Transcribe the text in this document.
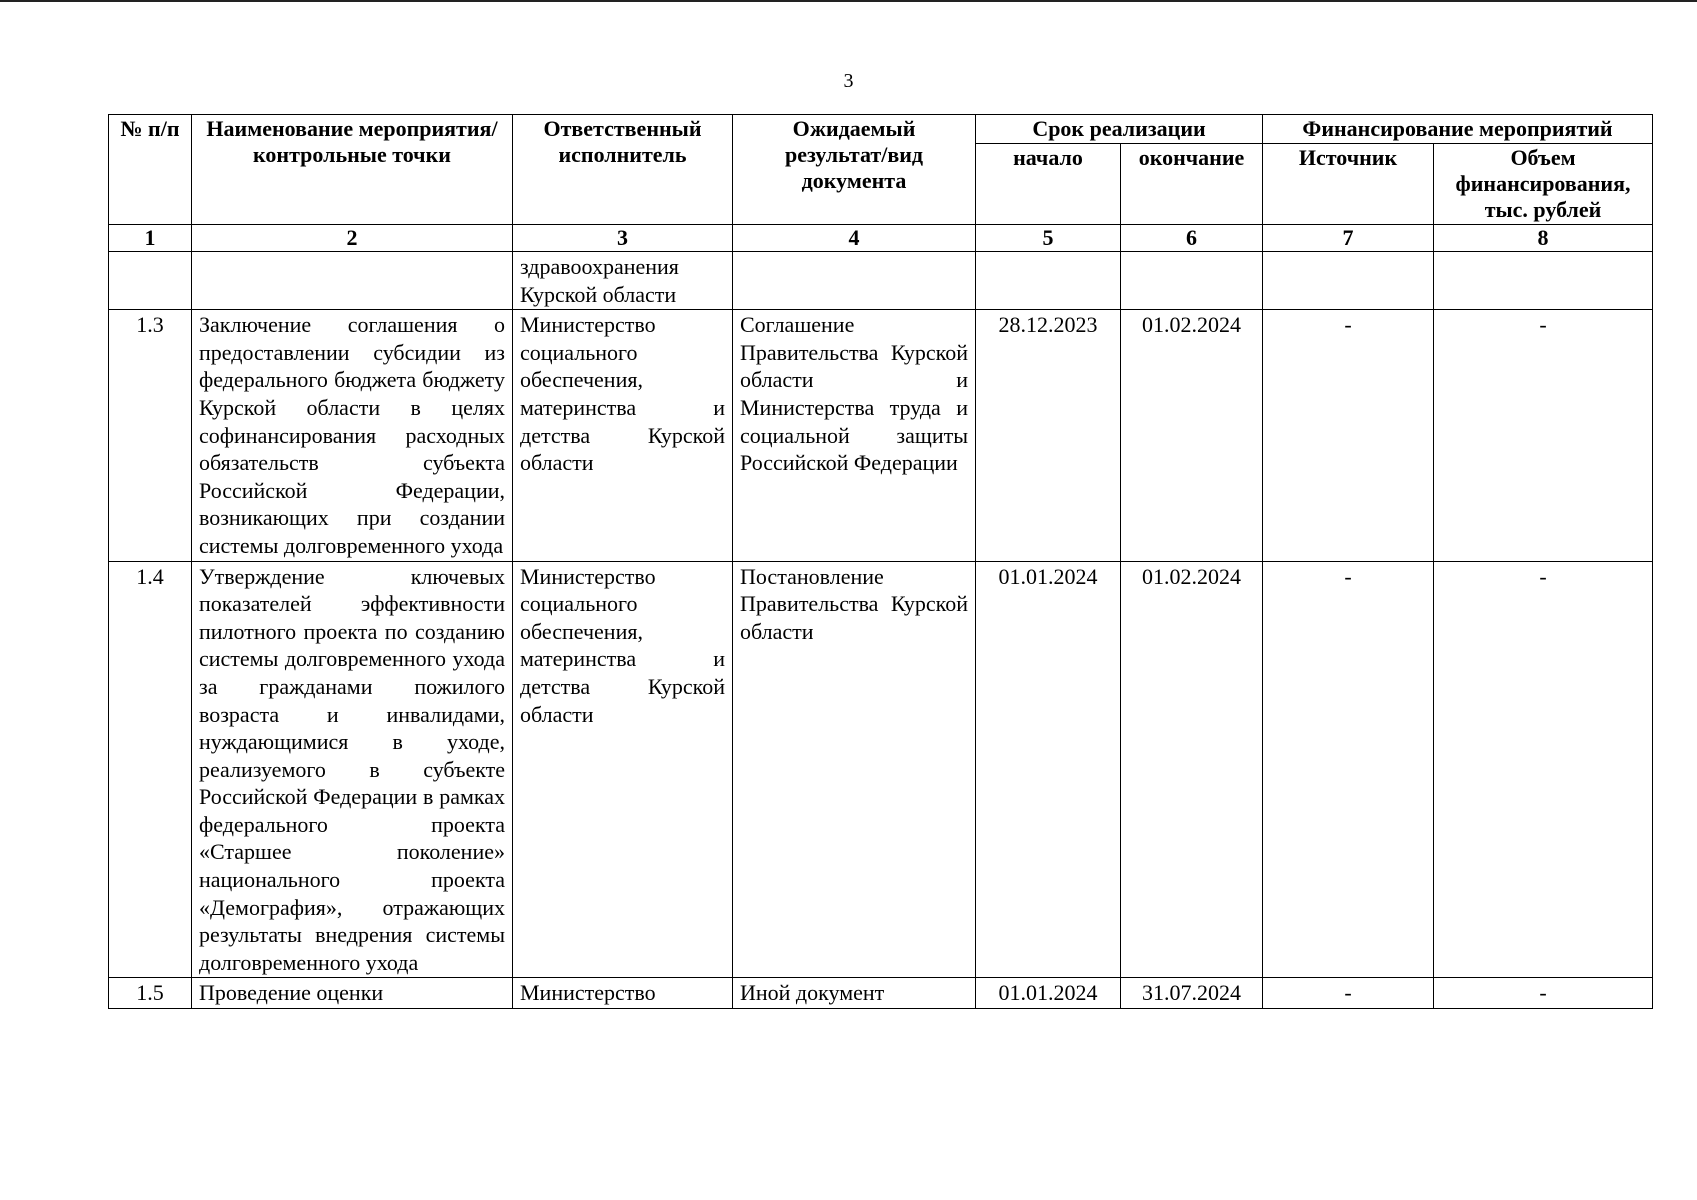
3
№ п/п	Наименование мероприятия/контрольные точки	Ответственный исполнитель	Ожидаемый результат/вид документа	Срок реализации		Финансирование мероприятий	
				начало	окончание	Источник	Объем финансирования, тыс. рублей
1	2	3	4	5	6	7	8
		здравоохранения Курской области					
1.3	Заключение соглашения о предоставлении субсидии из федерального бюджета бюджету Курской области в целях софинансирования расходных обязательств субъекта Российской Федерации, возникающих при создании системы долговременного ухода	Министерство социального обеспечения, материнства и детства Курской области	Соглашение Правительства Курской области и Министерства труда и социальной защиты Российской Федерации	28.12.2023	01.02.2024	-	-
1.4	Утверждение ключевых показателей эффективности пилотного проекта по созданию системы долговременного ухода за гражданами пожилого возраста и инвалидами, нуждающимися в уходе, реализуемого в субъекте Российской Федерации в рамках федерального проекта «Старшее поколение» национального проекта «Демография», отражающих результаты внедрения системы долговременного ухода	Министерство социального обеспечения, материнства и детства Курской области	Постановление Правительства Курской области	01.01.2024	01.02.2024	-	-
1.5	Проведение оценки	Министерство	Иной документ	01.01.2024	31.07.2024	-	-
